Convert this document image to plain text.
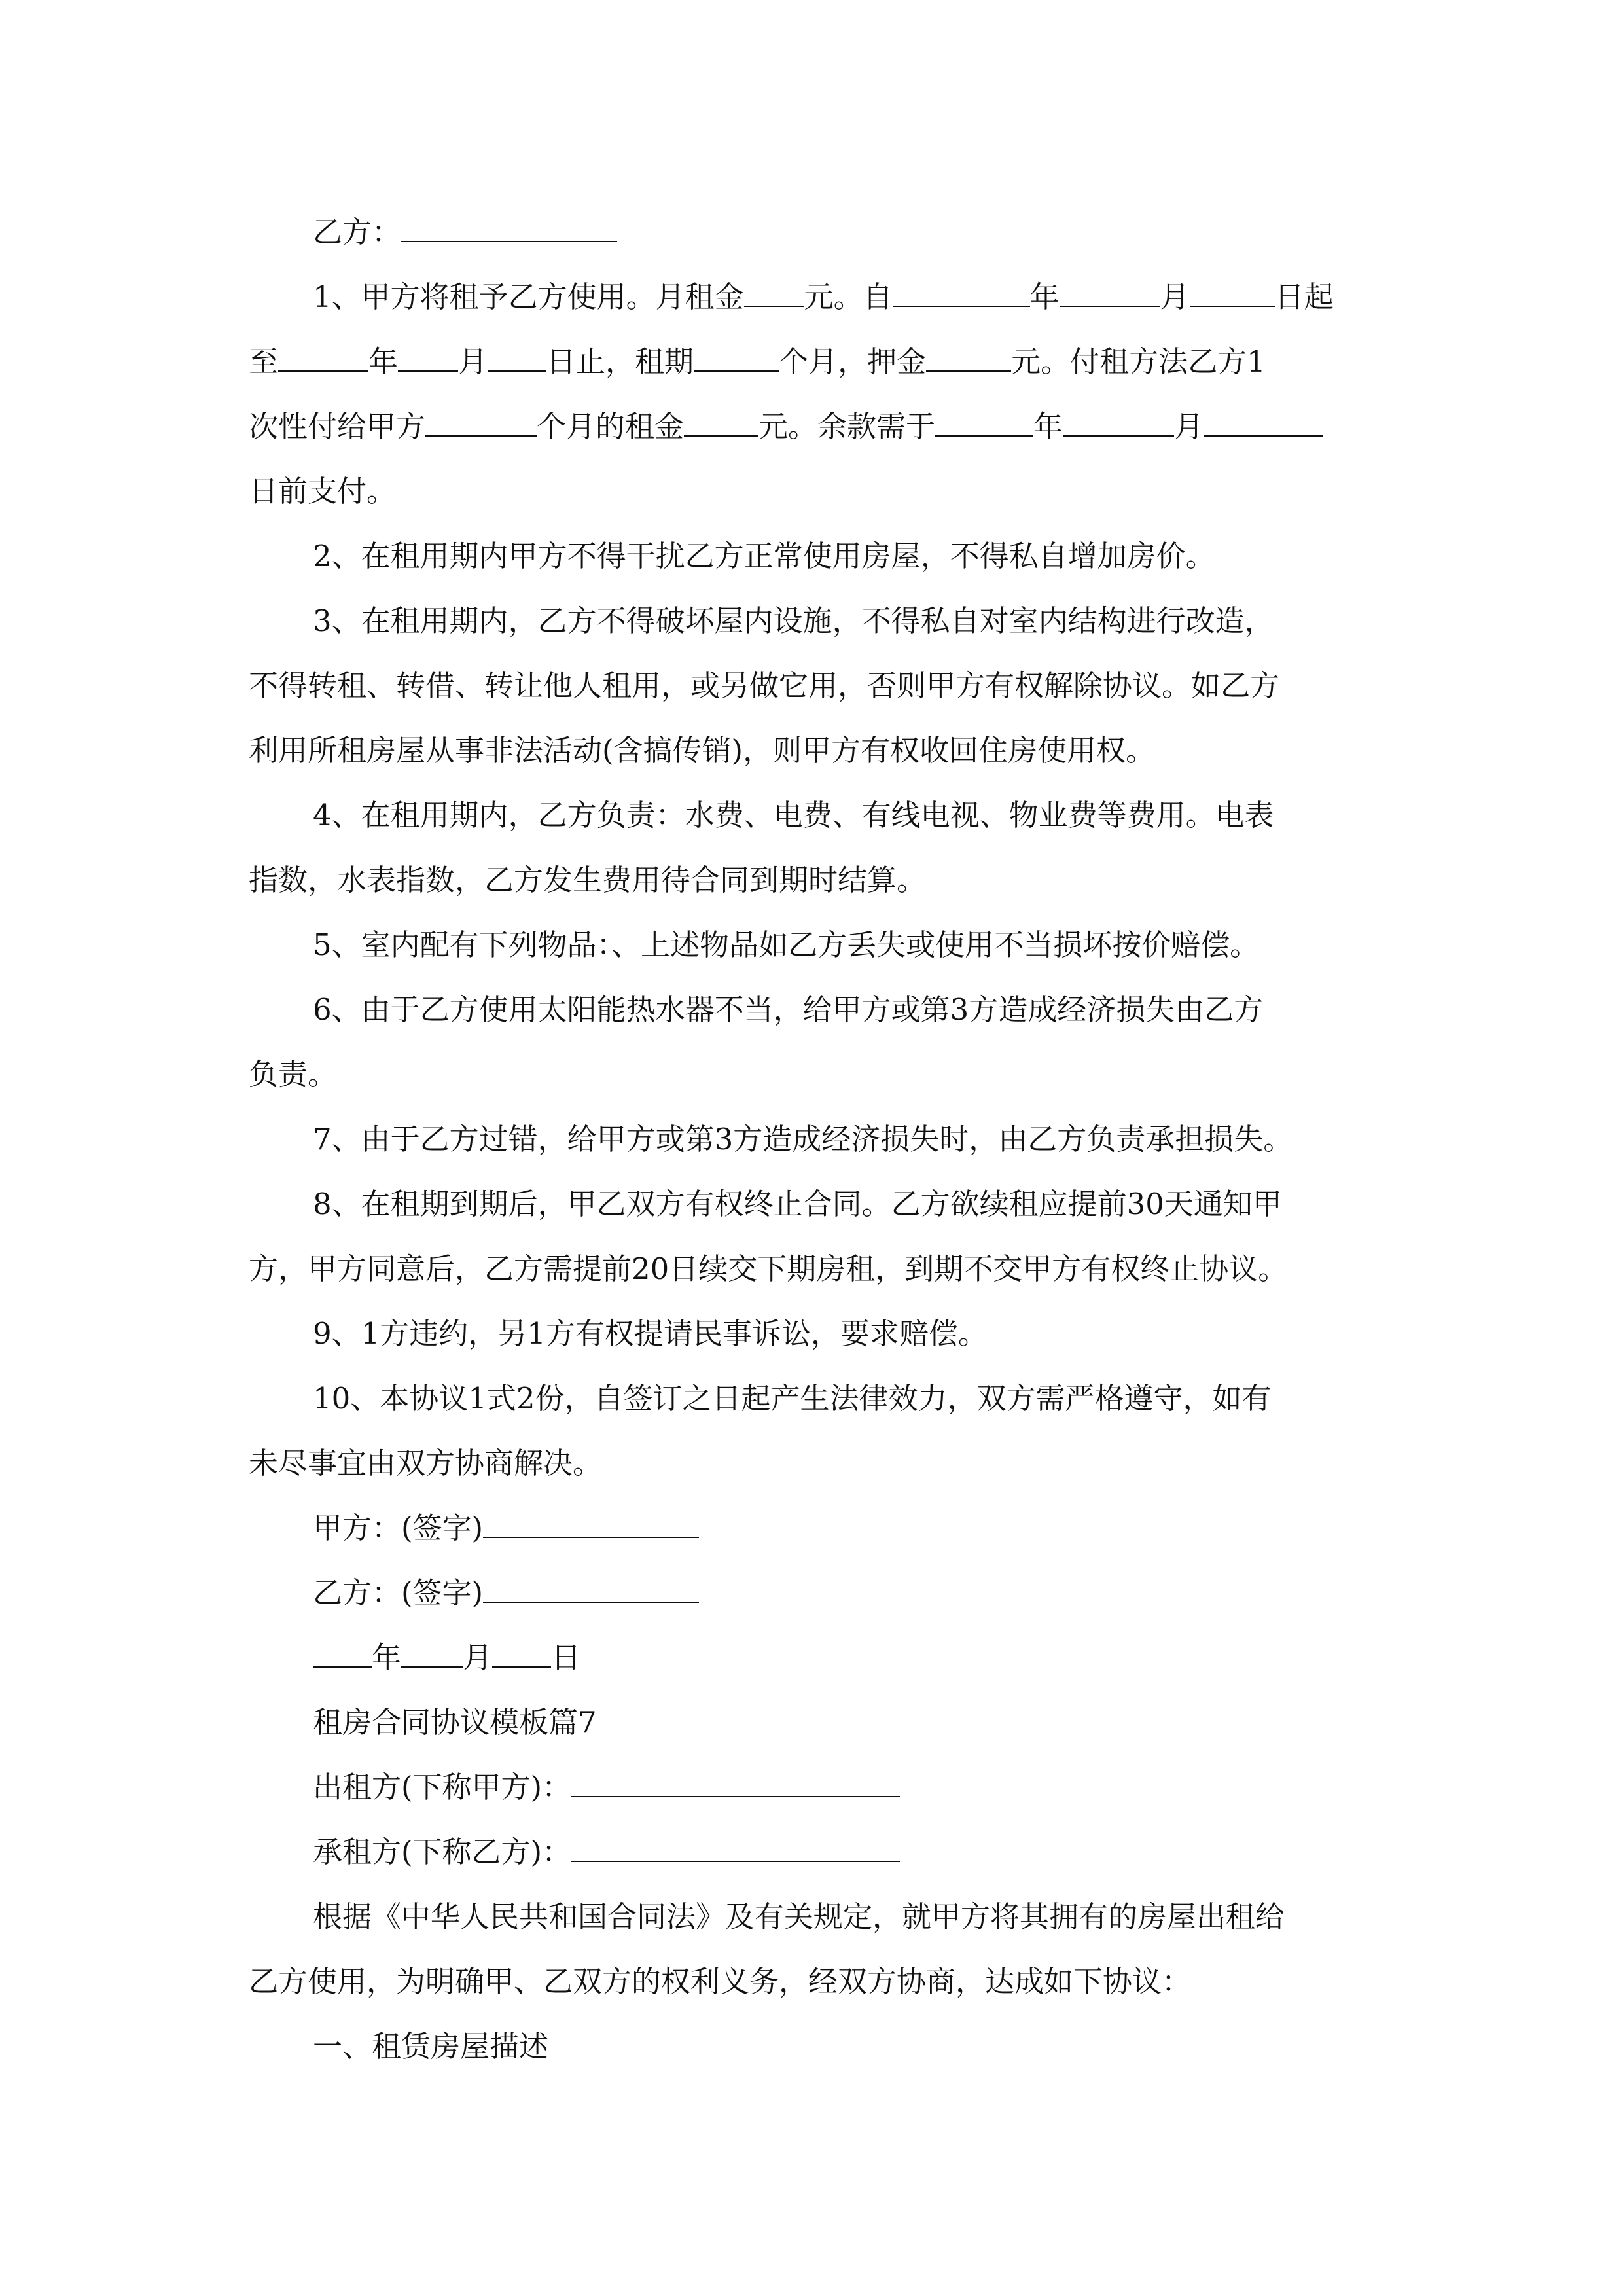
乙方：
1、甲方将租予乙方使用。月租金 元。自	年	月	日起
至	年 月 日止，租期	个月，押金	元。付租方法乙方1
次性付给甲方	个月的租金	元。余款需于	年	月
日前支付。
2、在租用期内甲方不得干扰乙方正常使用房屋，不得私自增加房价。
3、在租用期内，乙方不得破坏屋内设施，不得私自对室内结构进行改造，
不得转租、转借、转让他人租用，或另做它用，否则甲方有权解除协议。如乙方
利用所租房屋从事非法活动(含搞传销)，则甲方有权收回住房使用权。
4、在租用期内，乙方负责：水费、电费、有线电视、物业费等费用。电表
指数，水表指数，乙方发生费用待合同到期时结算。
5、室内配有下列物品：、上述物品如乙方丢失或使用不当损坏按价赔偿。
6、由于乙方使用太阳能热水器不当，给甲方或第3方造成经济损失由乙方
负责。
7、由于乙方过错，给甲方或第3方造成经济损失时，由乙方负责承担损失。
8、在租期到期后，甲乙双方有权终止合同。乙方欲续租应提前30天通知甲
方，甲方同意后，乙方需提前20日续交下期房租，到期不交甲方有权终止协议。
9、1方违约，另1方有权提请民事诉讼，要求赔偿。
10、本协议1式2份，自签订之日起产生法律效力，双方需严格遵守，如有
未尽事宜由双方协商解决。
甲方：(签字)
乙方：(签字)
年 月 日
租房合同协议模板篇7
出租方(下称甲方)：
承租方(下称乙方)：
根据《中华人民共和国合同法》及有关规定，就甲方将其拥有的房屋出租给
乙方使用，为明确甲、乙双方的权利义务，经双方协商，达成如下协议：
一、租赁房屋描述
